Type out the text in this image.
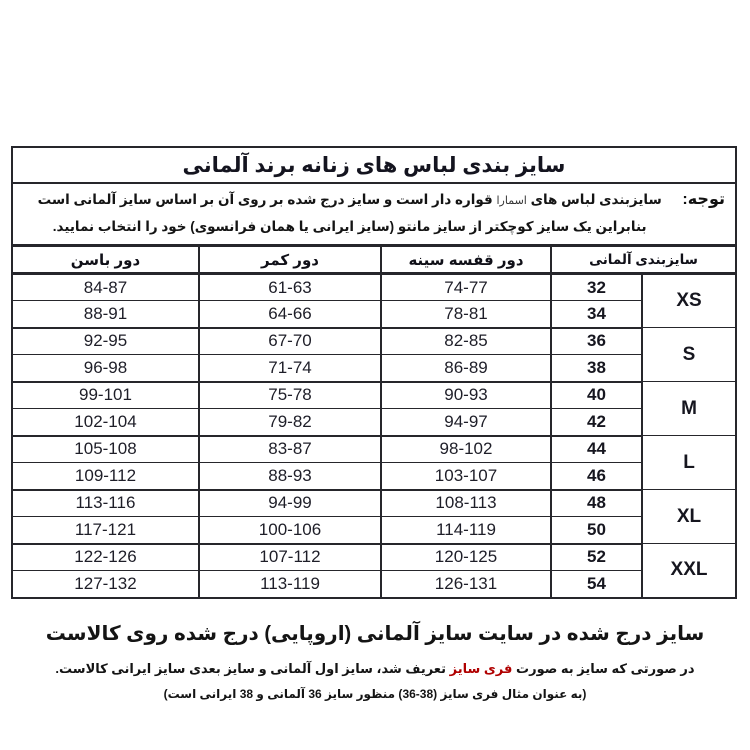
سایز بندی لباس های زنانه برند آلمانی				

توجه:
سایزبندی لباس های اسمارا قواره دار است و سایز درج شده بر روی آن بر اساس سایز آلمانی است
بنابراین یک سایز کوچکتر از سایز مانتو (سایز ایرانی یا همان فرانسوی) خود را انتخاب نمایید.				

سایزبندی آلمانی		دور قفسه سینه	دور کمر	دور باسن
XS	32	74-77	61-63	84-87
	34	78-81	64-66	88-91
S	36	82-85	67-70	92-95
	38	86-89	71-74	96-98
M	40	90-93	75-78	99-101
	42	94-97	79-82	102-104
L	44	98-102	83-87	105-108
	46	103-107	88-93	109-112
XL	48	108-113	94-99	113-116
	50	114-119	100-106	117-121
XXL	52	120-125	107-112	122-126
	54	126-131	113-119	127-132
سایز درج شده در سایت سایز آلمانی (اروپایی) درج شده روی کالاست
در صورتی که سایز به صورت فری سایز تعریف شد، سایز اول آلمانی و سایز بعدی سایز ایرانی کالاست.
(به عنوان مثال فری سایز (38-36) منظور سایز 36 آلمانی و 38 ایرانی است)
